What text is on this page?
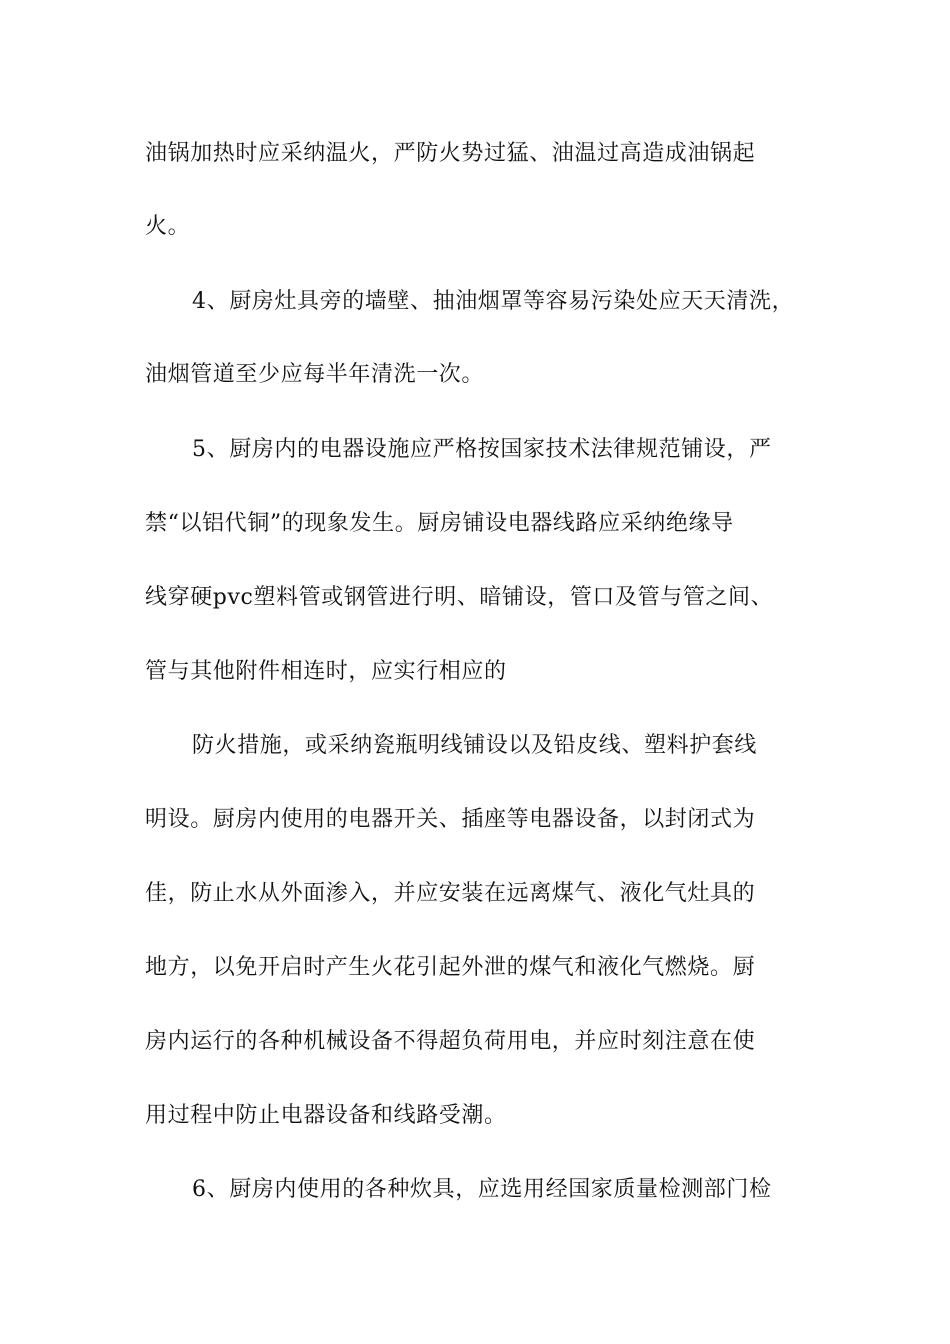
油锅加热时应采纳温火，严防火势过猛、油温过高造成油锅起
火。
4、厨房灶具旁的墙壁、抽油烟罩等容易污染处应天天清洗，
油烟管道至少应每半年清洗一次。
5、厨房内的电器设施应严格按国家技术法律规范铺设，严
禁“以铝代铜”的现象发生。厨房铺设电器线路应采纳绝缘导
线穿硬pvc塑料管或钢管进行明、暗铺设，管口及管与管之间、
管与其他附件相连时，应实行相应的
防火措施，或采纳瓷瓶明线铺设以及铅皮线、塑料护套线
明设。厨房内使用的电器开关、插座等电器设备，以封闭式为
佳，防止水从外面渗入，并应安装在远离煤气、液化气灶具的
地方，以免开启时产生火花引起外泄的煤气和液化气燃烧。厨
房内运行的各种机械设备不得超负荷用电，并应时刻注意在使
用过程中防止电器设备和线路受潮。
6、厨房内使用的各种炊具，应选用经国家质量检测部门检
